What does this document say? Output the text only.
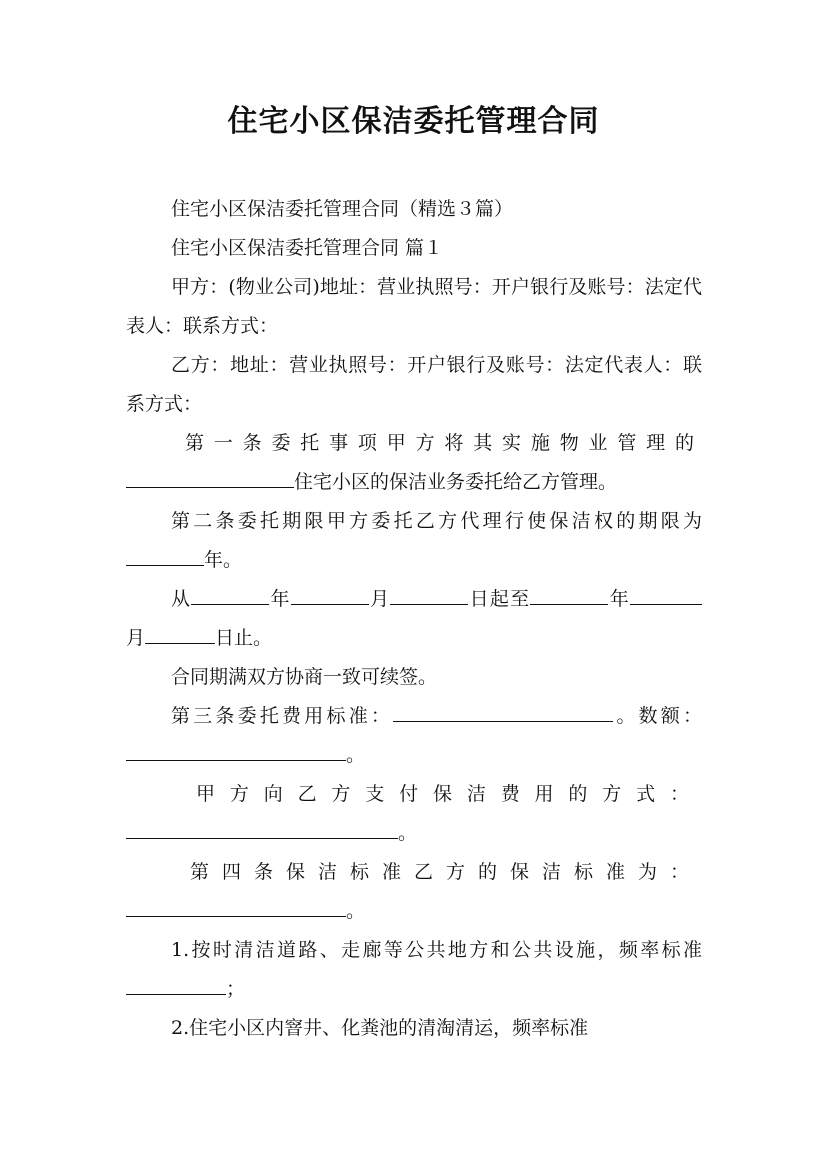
住宅小区保洁委托管理合同

住宅小区保洁委托管理合同（精选３篇）

住宅小区保洁委托管理合同 篇１

甲方：(物业公司)地址：营业执照号：开户银行及账号：法定代表人：联系方式：

乙方：地址：营业执照号：开户银行及账号：法定代表人：联系方式：

第一条委托事项甲方将其实施物业管理的住宅小区的保洁业务委托给乙方管理。

第二条委托期限甲方委托乙方代理行使保洁权的期限为年。

从	年	月	日起至	年月	日止。

合同期满双方协商一致可续签。

第三条委托费用标准：	。数额：。

甲方向乙方支付保洁费用的方式：。

第四条保洁标准乙方的保洁标准为：。

1.按时清洁道路、走廊等公共地方和公共设施，频率标准；

2.住宅小区内窨井、化粪池的清淘清运，频率标准
